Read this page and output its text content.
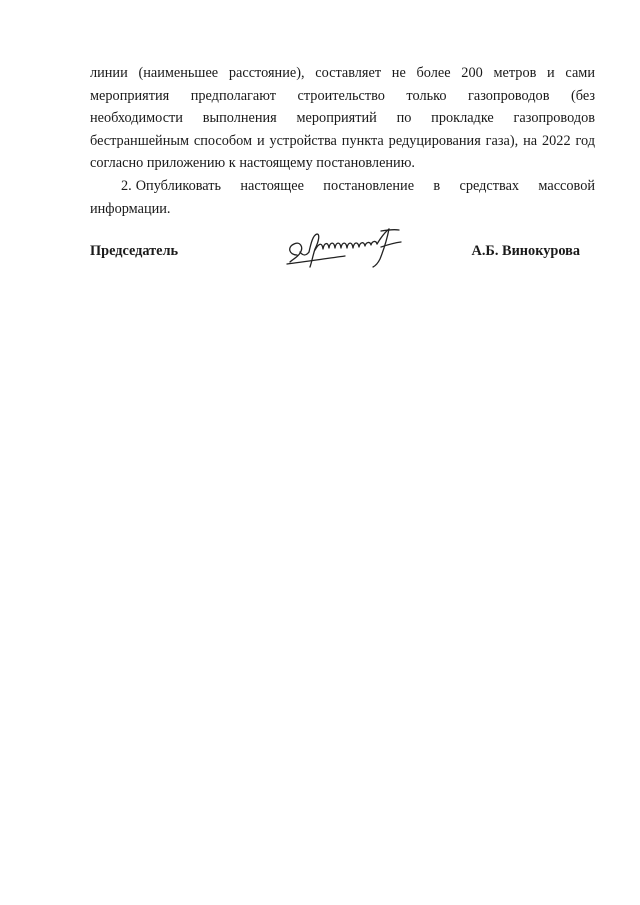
линии (наименьшее расстояние), составляет не более 200 метров и сами мероприятия предполагают строительство только газопроводов (без необходимости выполнения мероприятий по прокладке газопроводов бестраншейным способом и устройства пункта редуцирования газа), на 2022 год согласно приложению к настоящему постановлению.

2. Опубликовать настоящее постановление в средствах массовой информации.

Председатель	А.Б. Винокурова
